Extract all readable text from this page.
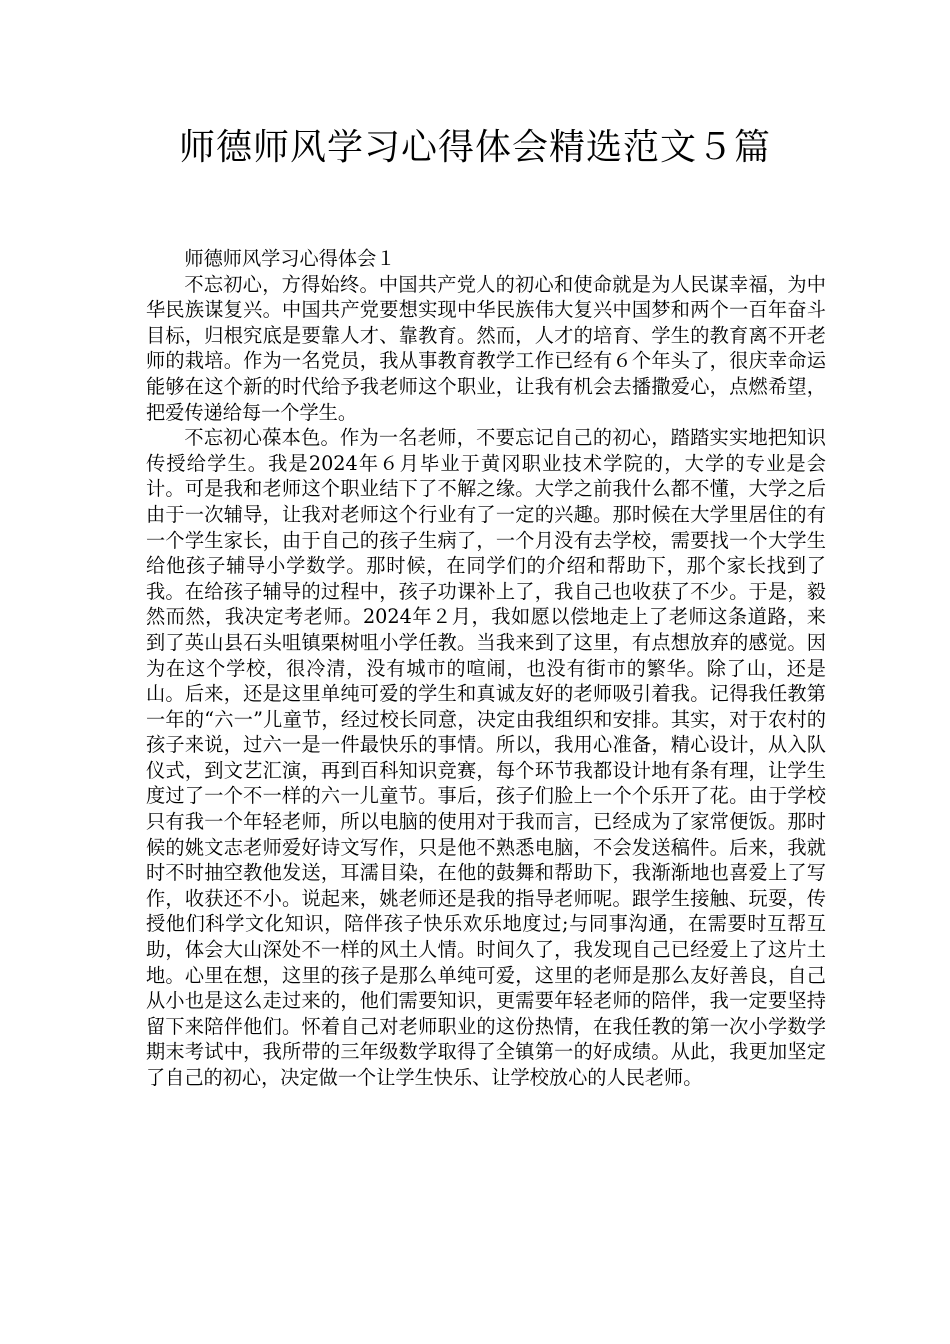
师德师风学习心得体会精选范文５篇
师德师风学习心得体会１

不忘初心，方得始终。中国共产党人的初心和使命就是为人民谋幸福，为中华民族谋复兴。中国共产党要想实现中华民族伟大复兴中国梦和两个一百年奋斗目标，归根究底是要靠人才、靠教育。然而，人才的培育、学生的教育离不开老师的栽培。作为一名党员，我从事教育教学工作已经有６个年头了，很庆幸命运能够在这个新的时代给予我老师这个职业，让我有机会去播撒爱心，点燃希望，把爱传递给每一个学生。

不忘初心葆本色。作为一名老师，不要忘记自己的初心，踏踏实实地把知识传授给学生。我是2024年６月毕业于黄冈职业技术学院的，大学的专业是会计。可是我和老师这个职业结下了不解之缘。大学之前我什么都不懂，大学之后由于一次辅导，让我对老师这个行业有了一定的兴趣。那时候在大学里居住的有一个学生家长，由于自己的孩子生病了，一个月没有去学校，需要找一个大学生给他孩子辅导小学数学。那时候，在同学们的介绍和帮助下，那个家长找到了我。在给孩子辅导的过程中，孩子功课补上了，我自己也收获了不少。于是，毅然而然，我决定考老师。2024年２月，我如愿以偿地走上了老师这条道路，来到了英山县石头咀镇栗树咀小学任教。当我来到了这里，有点想放弃的感觉。因为在这个学校，很冷清，没有城市的喧闹，也没有街市的繁华。除了山，还是山。后来，还是这里单纯可爱的学生和真诚友好的老师吸引着我。记得我任教第一年的“六一”儿童节，经过校长同意，决定由我组织和安排。其实，对于农村的孩子来说，过六一是一件最快乐的事情。所以，我用心准备，精心设计，从入队仪式，到文艺汇演，再到百科知识竞赛，每个环节我都设计地有条有理，让学生度过了一个不一样的六一儿童节。事后，孩子们脸上一个个乐开了花。由于学校只有我一个年轻老师，所以电脑的使用对于我而言，已经成为了家常便饭。那时候的姚文志老师爱好诗文写作，只是他不熟悉电脑，不会发送稿件。后来，我就时不时抽空教他发送，耳濡目染，在他的鼓舞和帮助下，我渐渐地也喜爱上了写作，收获还不小。说起来，姚老师还是我的指导老师呢。跟学生接触、玩耍，传授他们科学文化知识，陪伴孩子快乐欢乐地度过;与同事沟通，在需要时互帮互助，体会大山深处不一样的风土人情。时间久了，我发现自己已经爱上了这片土地。心里在想，这里的孩子是那么单纯可爱，这里的老师是那么友好善良，自己从小也是这么走过来的，他们需要知识，更需要年轻老师的陪伴，我一定要坚持留下来陪伴他们。怀着自己对老师职业的这份热情，在我任教的第一次小学数学期末考试中，我所带的三年级数学取得了全镇第一的好成绩。从此，我更加坚定了自己的初心，决定做一个让学生快乐、让学校放心的人民老师。
